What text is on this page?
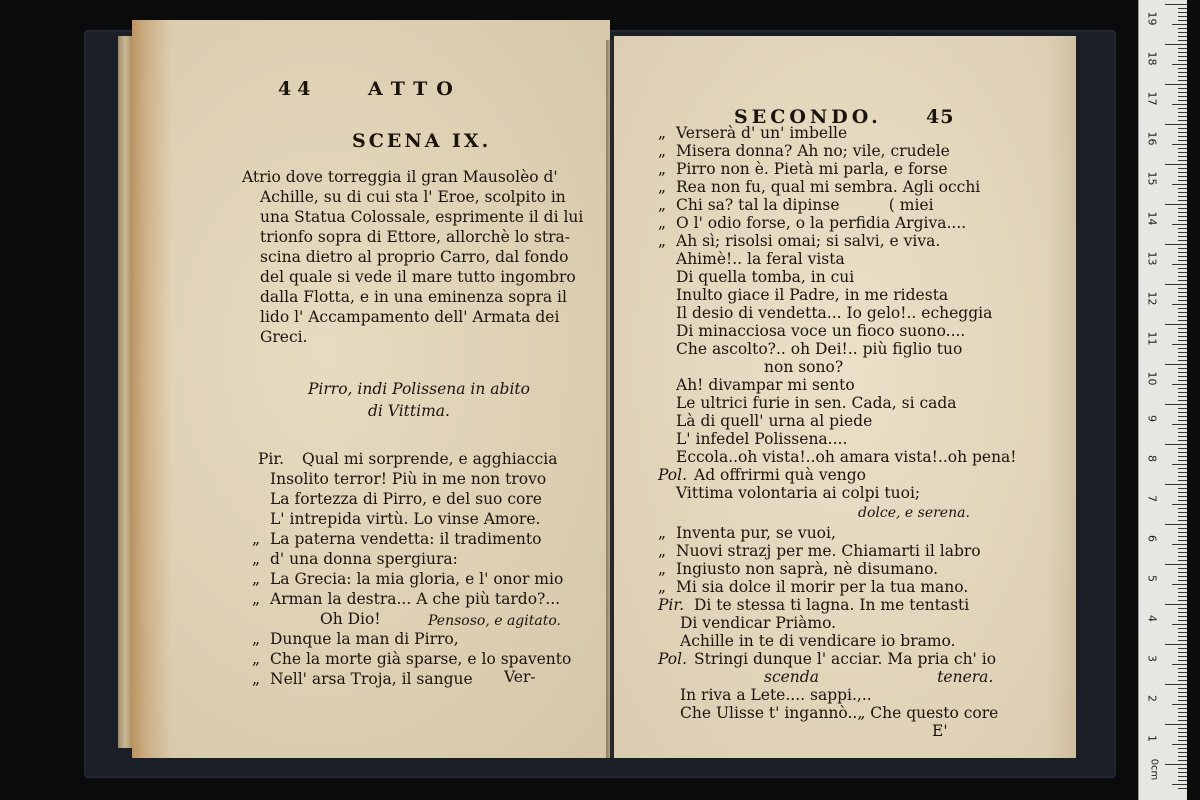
44	ATTO
SCENA IX.
Atrio dove torreggia il gran Mausolèo d'
Achille, su di cui sta l' Eroe, scolpito in
una Statua Colossale, esprimente il di lui
trionfo sopra di Ettore, allorchè lo stra-
scina dietro al proprio Carro, dal fondo
del quale si vede il mare tutto ingombro
dalla Flotta, e in una eminenza sopra il
lido l' Accampamento dell' Armata dei
Greci.
Pirro, indi Polissena in abito
di Vittima.
Pir. Qual mi sorprende, e agghiaccia
Insolito terror! Più in me non trovo
La fortezza di Pirro, e del suo core
L' intrepida virtù. Lo vinse Amore.
„ La paterna vendetta: il tradimento
„ d' una donna spergiura:
„ La Grecia: la mia gloria, e l' onor mio
„ Arman la destra... A che più tardo?...
Oh Dio!	Pensoso, e agitato.
„ Dunque la man di Pirro,
„ Che la morte già sparse, e lo spavento
„ Nell' arsa Troja, il sangue Ver-
SECONDO. 45
„ Verserà d' un' imbelle
„ Misera donna? Ah no; vile, crudele
„ Pirro non è. Pietà mi parla, e forse
„ Rea non fu, qual mi sembra. Agli occhi
„ Chi sa? tal la dipinse          ( miei
„ O l' odio forse, o la perfidia Argiva....
„ Ah sì; risolsi omai; si salvi, e viva.
Ahimè!.. la feral vista
Di quella tomba, in cui
Inulto giace il Padre, in me ridesta
Il desio di vendetta... Io gelo!.. echeggia
Di minacciosa voce un fioco suono....
Che ascolto?.. oh Dei!.. più figlio tuo
non sono?
Ah! divampar mi sento
Le ultrici furie in sen. Cada, si cada
Là di quell' urna al piede
L' infedel Polissena....
Eccola..oh vista!..oh amara vista!..oh pena!
Pol. Ad offrirmi quà vengo
Vittima volontaria ai colpi tuoi;
dolce, e serena.
„ Inventa pur, se vuoi,
„ Nuovi strazj per me. Chiamarti il labro
„ Ingiusto non saprà, nè disumano.
„ Mi sia dolce il morir per la tua mano.
Pir. Di te stessa ti lagna. In me tentasti
Di vendicar Priàmo.
Achille in te di vendicare io bramo.
Pol. Stringi dunque l' acciar. Ma pria ch' io
scenda                        tenera.
In riva a Lete.... sappi.,..
Che Ulisse t' ingannò..„ Che questo core
E'
19
18
17
16
15
14
13
12
11
10
9
8
7
6
5
4
3
2
1
0cm
